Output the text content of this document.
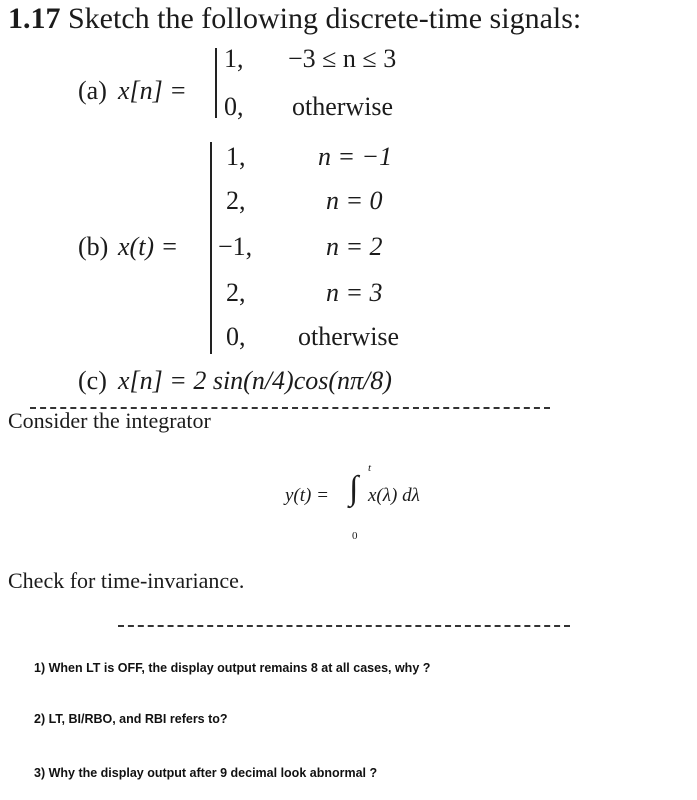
1.17 Sketch the following discrete-time signals:
(a) x[n] =
1, −3 ≤ n ≤ 3
0, otherwise
(b) x(t) =
1,	n = −1
2,	n = 0
−1,	n = 2
2,	n = 3
0, otherwise
(c) x[n] = 2 sin(n/4)cos(nπ/8)
Consider the integrator
y(t) =
t
∫
0
x(λ) dλ
Check for time-invariance.
1) When LT is OFF, the display output remains 8 at all cases, why ?
2) LT, BI/RBO, and RBI refers to?
3) Why the display output after 9 decimal look abnormal ?
